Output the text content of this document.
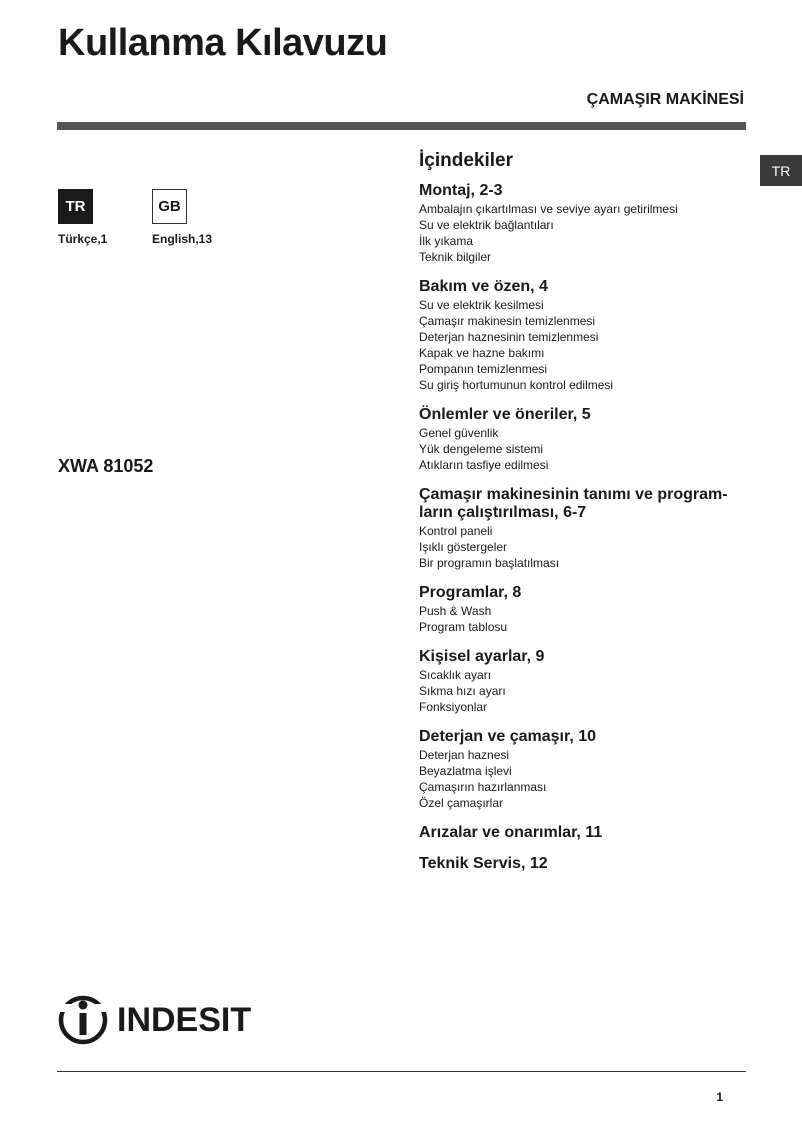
Kullanma Kılavuzu
ÇAMAŞIR MAKİNESİ
TR
TR
Türkçe,1
GB
English,13
XWA 81052
İçindekiler
Montaj, 2-3
Ambalajın çıkartılması ve seviye ayarı getirilmesi
Su ve elektrik bağlantıları
İlk yıkama
Teknik bilgiler
Bakım ve özen, 4
Su ve elektrik kesilmesi
Çamaşır makinesin temizlenmesi
Deterjan haznesinin temizlenmesi
Kapak ve hazne bakımı
Pompanın temizlenmesi
Su giriş hortumunun kontrol edilmesi
Önlemler ve öneriler, 5
Genel güvenlik
Yük dengeleme sistemi
Atıkların tasfiye edilmesi
Çamaşır makinesinin tanımı ve program-ların çalıştırılması, 6-7
Kontrol paneli
Işıklı göstergeler
Bir programın başlatılması
Programlar, 8
Push & Wash
Program tablosu
Kişisel ayarlar, 9
Sıcaklık ayarı
Sıkma hızı ayarı
Fonksiyonlar
Deterjan ve çamaşır, 10
Deterjan haznesi
Beyazlatma işlevi
Çamaşırın hazırlanması
Özel çamaşırlar
Arızalar ve onarımlar, 11
Teknik Servis, 12
INDESIT
1
